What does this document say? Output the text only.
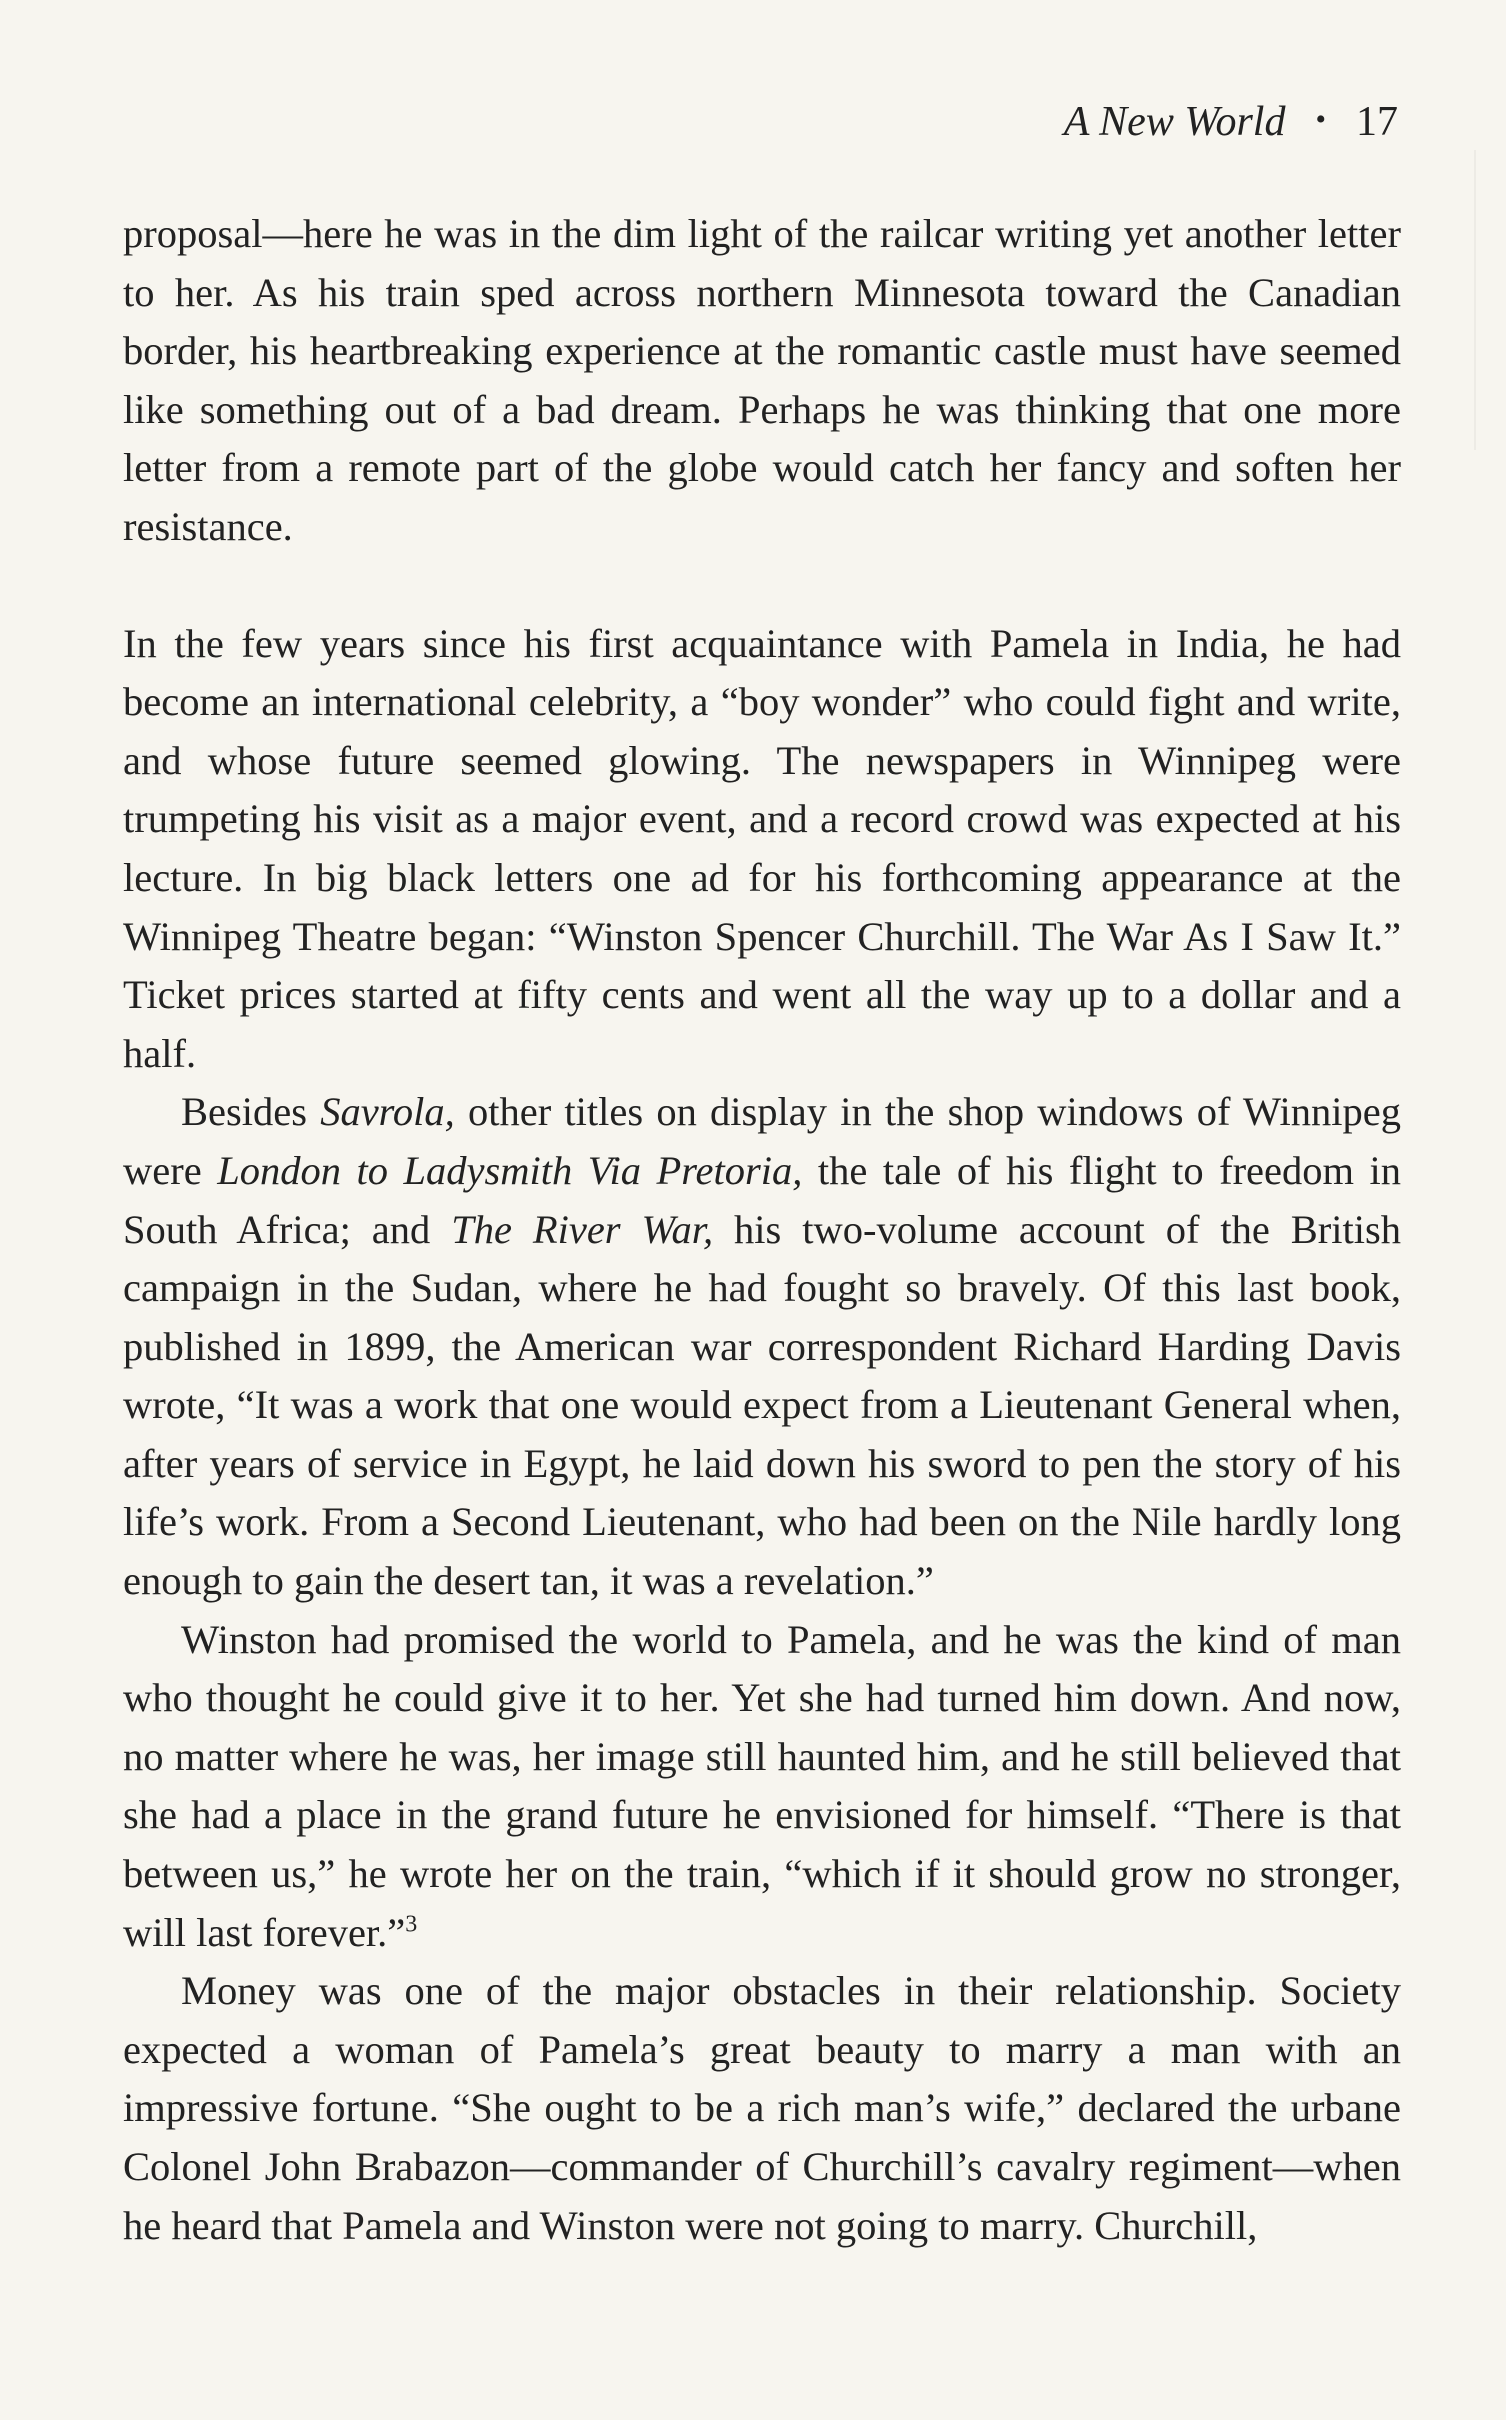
A New World • 17

proposal—here he was in the dim light of the railcar writing yet another letter to her. As his train sped across northern Minnesota toward the Canadian border, his heartbreaking experience at the romantic castle must have seemed like something out of a bad dream. Perhaps he was thinking that one more letter from a remote part of the globe would catch her fancy and soften her resistance.

In the few years since his first acquaintance with Pamela in India, he had become an international celebrity, a “boy wonder” who could fight and write, and whose future seemed glowing. The newspapers in Winnipeg were trumpeting his visit as a major event, and a record crowd was expected at his lecture. In big black letters one ad for his forthcoming appearance at the Winnipeg Theatre began: “Winston Spencer Churchill. The War As I Saw It.” Ticket prices started at fifty cents and went all the way up to a dollar and a half.

Besides Savrola, other titles on display in the shop windows of Winnipeg were London to Ladysmith Via Pretoria, the tale of his flight to freedom in South Africa; and The River War, his two-volume account of the British campaign in the Sudan, where he had fought so bravely. Of this last book, published in 1899, the American war correspondent Richard Harding Davis wrote, “It was a work that one would expect from a Lieutenant General when, after years of service in Egypt, he laid down his sword to pen the story of his life’s work. From a Second Lieutenant, who had been on the Nile hardly long enough to gain the desert tan, it was a revelation.”

Winston had promised the world to Pamela, and he was the kind of man who thought he could give it to her. Yet she had turned him down. And now, no matter where he was, her image still haunted him, and he still believed that she had a place in the grand future he envisioned for himself. “There is that between us,” he wrote her on the train, “which if it should grow no stronger, will last forever.”$^3$

Money was one of the major obstacles in their relationship. Society expected a woman of Pamela’s great beauty to marry a man with an impressive fortune. “She ought to be a rich man’s wife,” declared the urbane Colonel John Brabazon—commander of Churchill’s cavalry regiment—when he heard that Pamela and Winston were not going to marry. Churchill,
